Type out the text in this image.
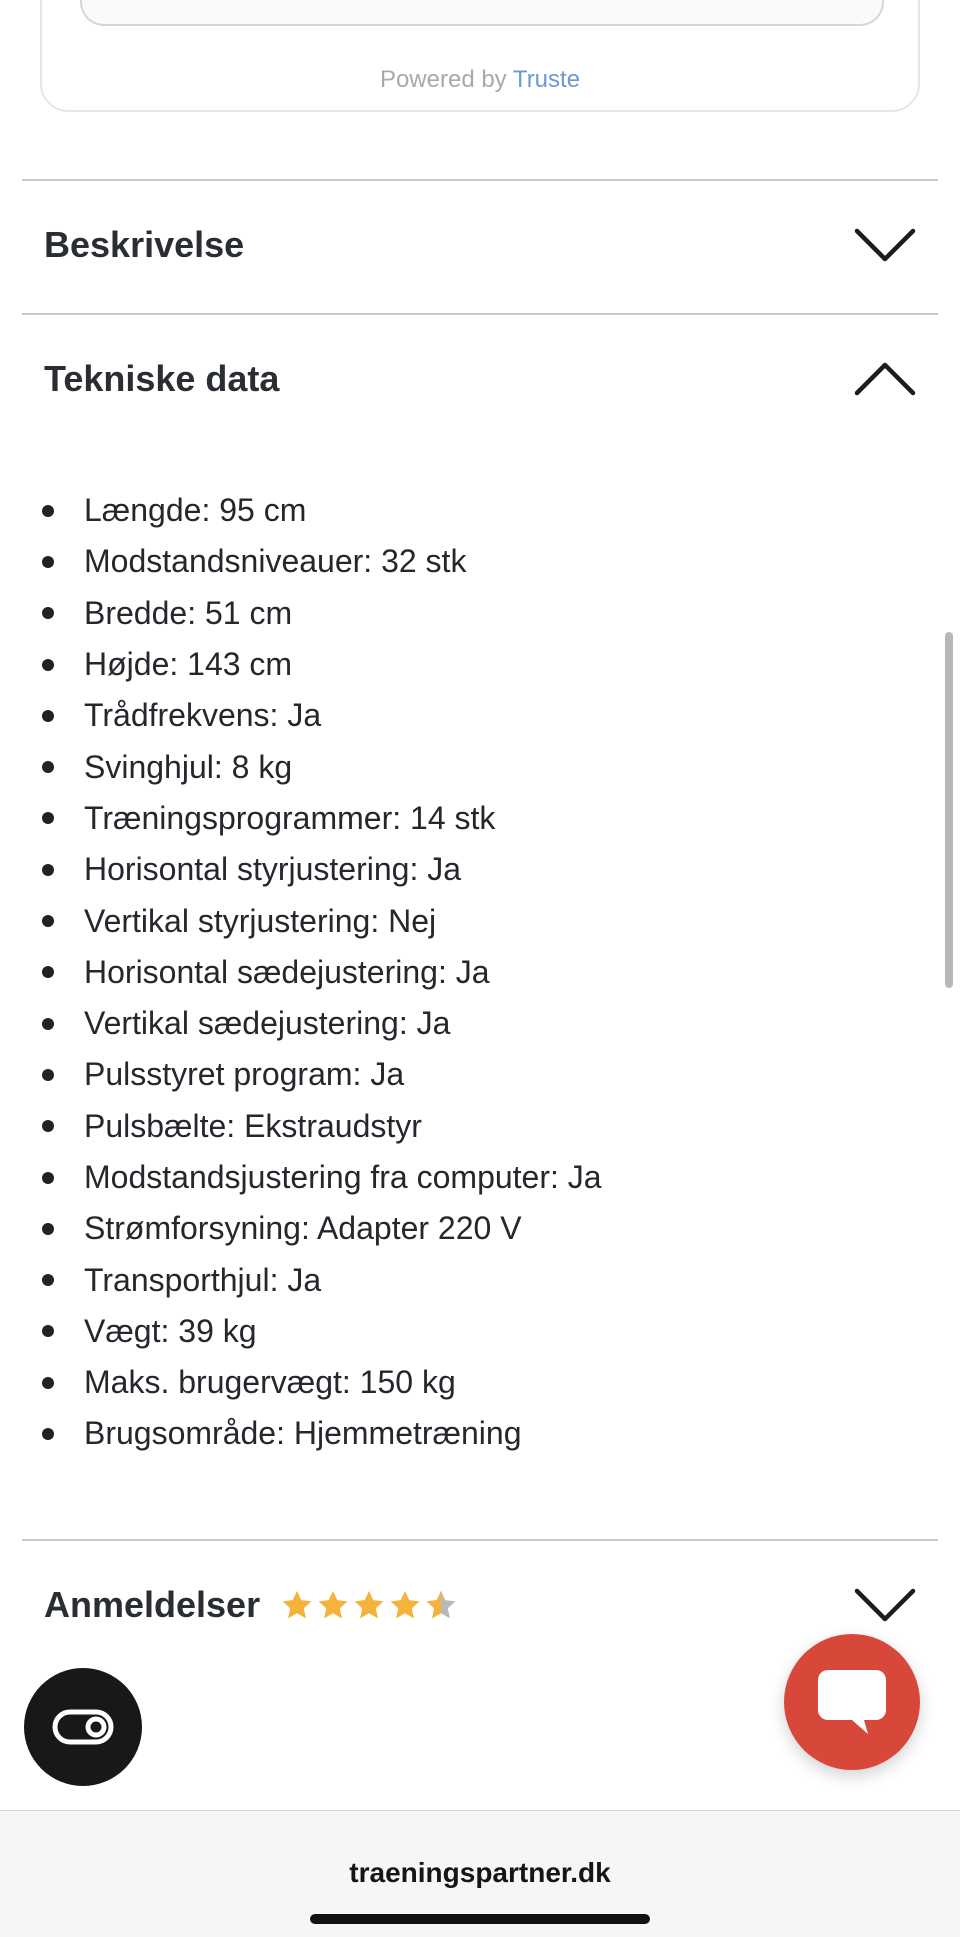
Powered by Truste
Beskrivelse
Tekniske data
Længde: 95 cm
Modstandsniveauer: 32 stk
Bredde: 51 cm
Højde: 143 cm
Trådfrekvens: Ja
Svinghjul: 8 kg
Træningsprogrammer: 14 stk
Horisontal styrjustering: Ja
Vertikal styrjustering: Nej
Horisontal sædejustering: Ja
Vertikal sædejustering: Ja
Pulsstyret program: Ja
Pulsbælte: Ekstraudstyr
Modstandsjustering fra computer: Ja
Strømforsyning: Adapter 220 V
Transporthjul: Ja
Vægt: 39 kg
Maks. brugervægt: 150 kg
Brugsområde: Hjemmetræning
Anmeldelser
traeningspartner.dk
